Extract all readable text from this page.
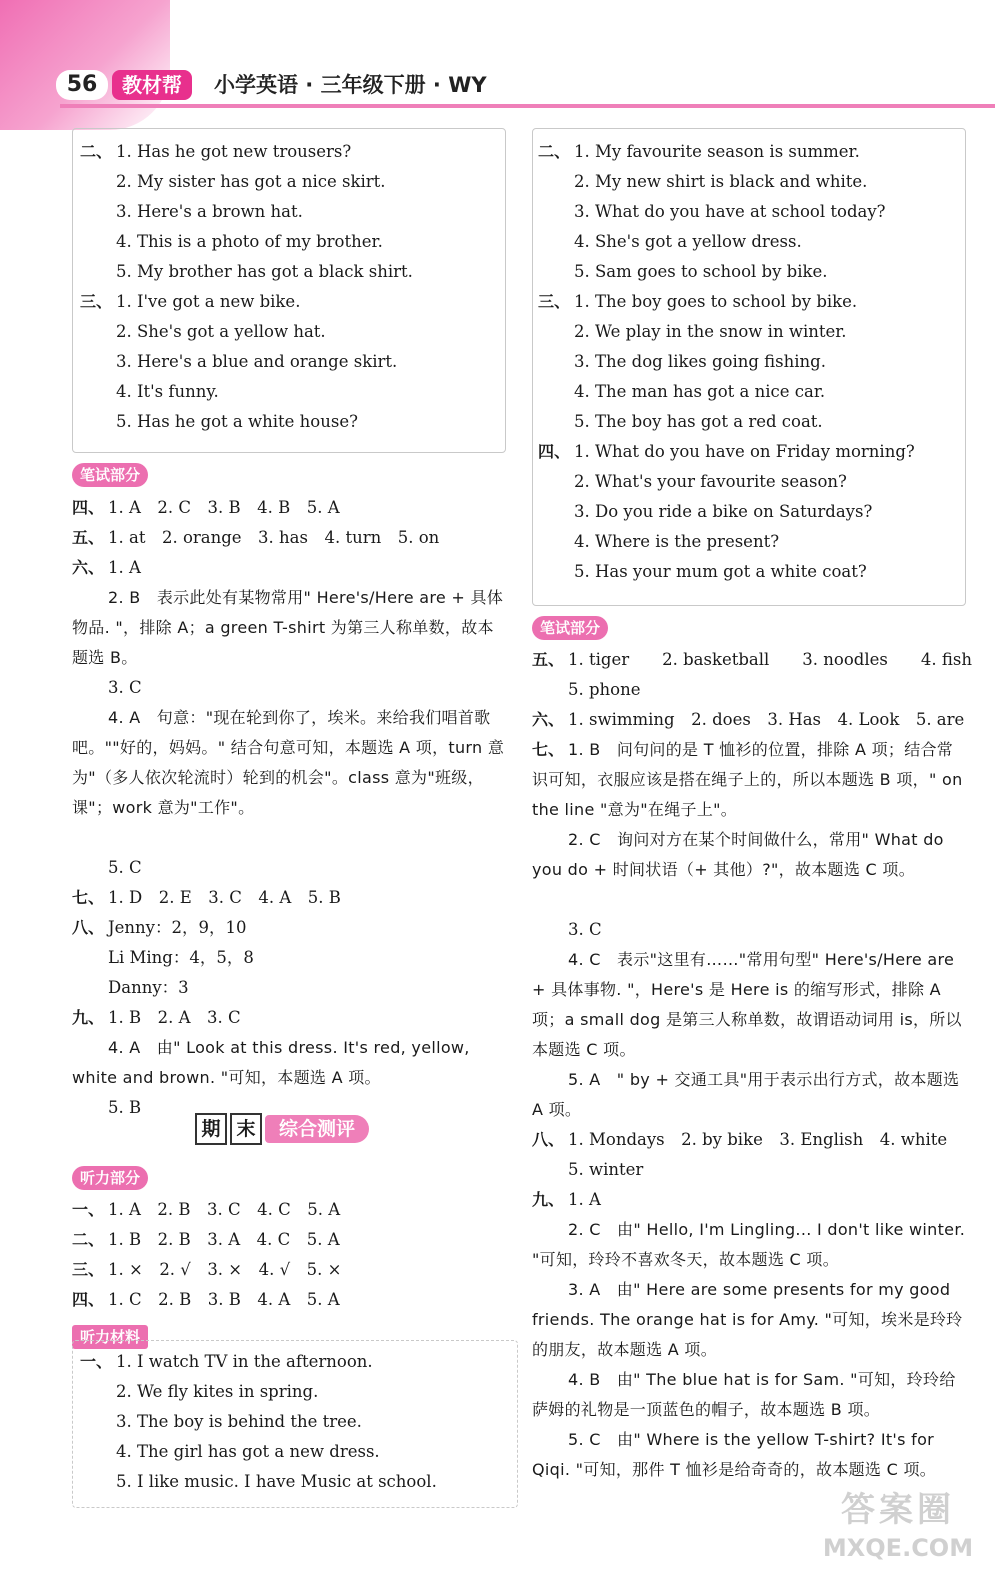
56	教材帮	小学英语 · 三年级下册 · WY
二、 1. Has he got new trousers?
2. My sister has got a nice skirt.
3. Here's a brown hat.
4. This is a photo of my brother.
5. My brother has got a black shirt.
三、 1. I've got a new bike.
2. She's got a yellow hat.
3. Here's a blue and orange skirt.
4. It's funny.
5. Has he got a white house?
笔试部分
四、 1. A　2. C　3. B　4. B　5. A
五、 1. at　2. orange　3. has　4. turn　5. on
六、 1. A
2. B　表示此处有某物常用" Here's/Here are + 具体物品. "，排除 A；a green T-shirt 为第三人称单数，故本题选 B。
3. C
4. A　句意："现在轮到你了，埃米。来给我们唱首歌吧。""好的，妈妈。" 结合句意可知，本题选 A 项，turn 意为"（多人依次轮流时）轮到的机会"。class 意为"班级，课"；work 意为"工作"。
5. C
七、 1. D　2. E　3. C　4. A　5. B
八、 Jenny：2，9，10
Li Ming：4，5，8
Danny：3
九、 1. B　2. A　3. C
4. A　由" Look at this dress. It's red, yellow, white and brown. "可知，本题选 A 项。
5. B
期 末	综合测评
听力部分
一、 1. A　2. B　3. C　4. C　5. A
二、 1. B　2. B　3. A　4. C　5. A
三、 1. ×　2. √　3. ×　4. √　5. ×
四、 1. C　2. B　3. B　4. A　5. A
听力材料
一、 1. I watch TV in the afternoon.
2. We fly kites in spring.
3. The boy is behind the tree.
4. The girl has got a new dress.
5. I like music. I have Music at school.
二、 1. My favourite season is summer.
2. My new shirt is black and white.
3. What do you have at school today?
4. She's got a yellow dress.
5. Sam goes to school by bike.
三、 1. The boy goes to school by bike.
2. We play in the snow in winter.
3. The dog likes going fishing.
4. The man has got a nice car.
5. The boy has got a red coat.
四、 1. What do you have on Friday morning?
2. What's your favourite season?
3. Do you ride a bike on Saturdays?
4. Where is the present?
5. Has your mum got a white coat?
笔试部分
五、 1. tiger　　2. basketball　　3. noodles　　4. fish
5. phone
六、 1. swimming　2. does　3. Has　4. Look　5. are
七、 1. B　问句问的是 T 恤衫的位置，排除 A 项；结合常识可知，衣服应该是搭在绳子上的，所以本题选 B 项，" on the line "意为"在绳子上"。
2. C　询问对方在某个时间做什么，常用" What do you do + 时间状语（+ 其他）?"，故本题选 C 项。
3. C
4. C　表示"这里有……"常用句型" Here's/Here are + 具体事物. "，Here's 是 Here is 的缩写形式，排除 A 项；a small dog 是第三人称单数，故谓语动词用 is，所以本题选 C 项。
5. A　" by + 交通工具"用于表示出行方式，故本题选 A 项。
八、 1. Mondays　2. by bike　3. English　4. white
5. winter
九、 1. A
2. C　由" Hello, I'm Lingling... I don't like winter. "可知，玲玲不喜欢冬天，故本题选 C 项。
3. A　由" Here are some presents for my good friends. The orange hat is for Amy. "可知，埃米是玲玲的朋友，故本题选 A 项。
4. B　由" The blue hat is for Sam. "可知，玲玲给萨姆的礼物是一顶蓝色的帽子，故本题选 B 项。
5. C　由" Where is the yellow T-shirt? It's for Qiqi. "可知，那件 T 恤衫是给奇奇的，故本题选 C 项。
答案圈
MXQE.COM
